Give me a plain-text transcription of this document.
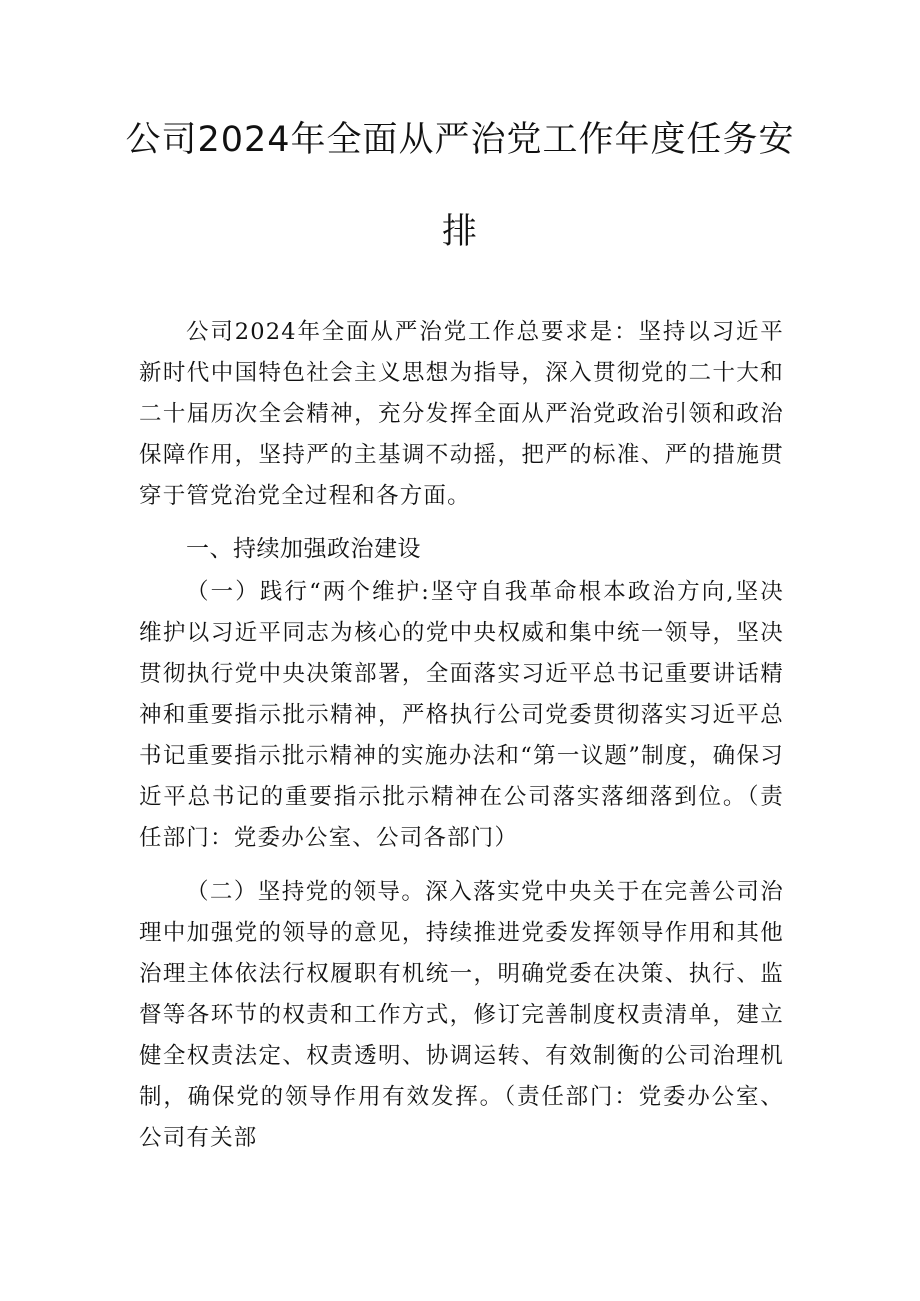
公司2024年全面从严治党工作年度任务安
排

公司2024年全面从严治党工作总要求是：坚持以习近平新时代中国特色社会主义思想为指导，深入贯彻党的二十大和二十届历次全会精神，充分发挥全面从严治党政治引领和政治保障作用，坚持严的主基调不动摇，把严的标准、严的措施贯穿于管党治党全过程和各方面。

一、持续加强政治建设

（一）践行“两个维护:坚守自我革命根本政治方向,坚决维护以习近平同志为核心的党中央权威和集中统一领导，坚决贯彻执行党中央决策部署，全面落实习近平总书记重要讲话精神和重要指示批示精神，严格执行公司党委贯彻落实习近平总书记重要指示批示精神的实施办法和“第一议题”制度，确保习近平总书记的重要指示批示精神在公司落实落细落到位。（责任部门：党委办公室、公司各部门）

（二）坚持党的领导。深入落实党中央关于在完善公司治理中加强党的领导的意见，持续推进党委发挥领导作用和其他治理主体依法行权履职有机统一，明确党委在决策、执行、监督等各环节的权责和工作方式，修订完善制度权责清单，建立健全权责法定、权责透明、协调运转、有效制衡的公司治理机制，确保党的领导作用有效发挥。（责任部门：党委办公室、公司有关部
